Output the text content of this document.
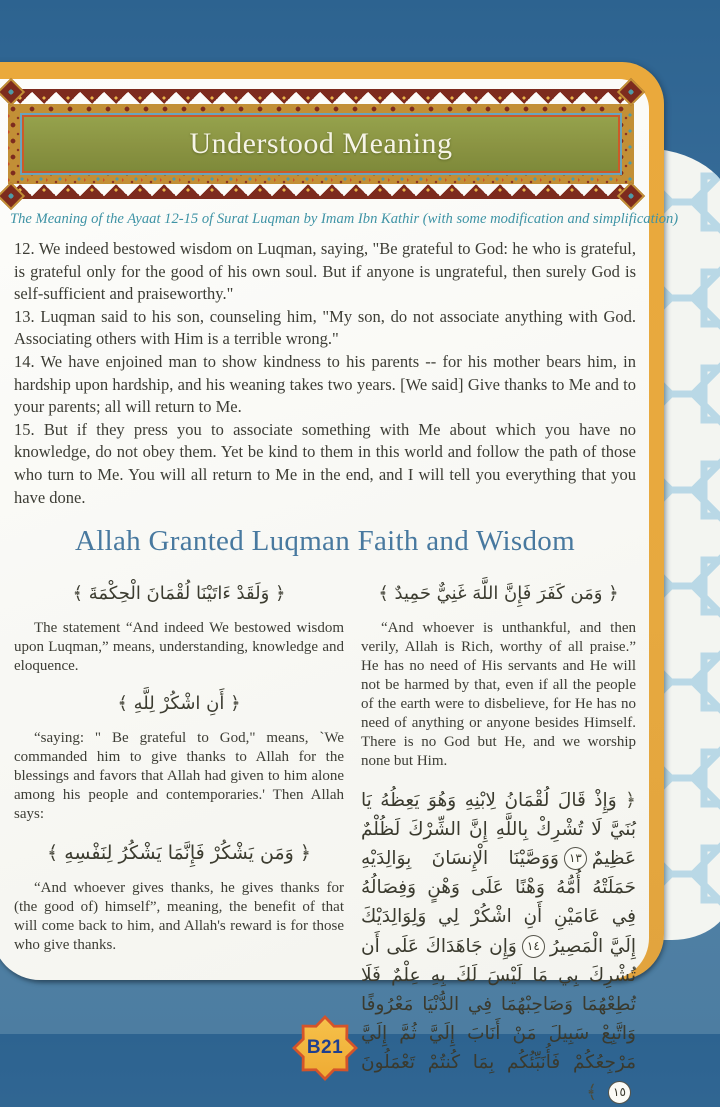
Understood Meaning
The Meaning of the Ayaat 12-15 of Surat Luqman by Imam Ibn Kathir (with some modification and simplification)

12. We indeed bestowed wisdom on Luqman, saying, "Be grateful to God: he who is grateful, is grateful only for the good of his own soul. But if anyone is ungrateful, then surely God is self-sufficient and praiseworthy."

13. Luqman said to his son, counseling him, "My son, do not associate anything with God. Associating others with Him is a terrible wrong."

14. We have enjoined man to show kindness to his parents -- for his mother bears him, in hardship upon hardship, and his weaning takes two years. [We said] Give thanks to Me and to your parents; all will return to Me.

15. But if they press you to associate something with Me about which you have no knowledge, do not obey them. Yet be kind to them in this world and follow the path of those who turn to Me. You will all return to Me in the end, and I will tell you everything that you have done.

Allah Granted Luqman Faith and Wisdom
﴿ وَلَقَدْ ءَاتَيْنَا لُقْمَانَ الْحِكْمَةَ ﴾

The statement “And indeed We bestowed wisdom upon Luqman,” means, understanding, knowledge and eloquence.

﴿ أَنِ اشْكُرْ لِلَّهِ ﴾

“saying: " Be grateful to God," means, `We commanded him to give thanks to Allah for the blessings and favors that Allah had given to him alone among his people and contemporaries.' Then Allah says:

﴿ وَمَن يَشْكُرْ فَإِنَّمَا يَشْكُرُ لِنَفْسِهِ ﴾

“And whoever gives thanks, he gives thanks for (the good of) himself”, meaning, the benefit of that will come back to him, and Allah's reward is for those who give thanks.

﴿ وَمَن كَفَرَ فَإِنَّ اللَّهَ غَنِيٌّ حَمِيدٌ ﴾

“And whoever is unthankful, and then verily, Allah is Rich, worthy of all praise.” He has no need of His servants and He will not be harmed by that, even if all the people of the earth were to disbelieve, for He has no need of anything or anyone besides Himself. There is no God but He, and we worship none but Him.

﴿ وَإِذْ قَالَ لُقْمَانُ لِابْنِهِ وَهُوَ يَعِظُهُ يَا بُنَيَّ لَا تُشْرِكْ بِاللَّهِ إِنَّ الشِّرْكَ لَظُلْمٌ عَظِيمٌ١٣وَوَصَّيْنَا الْإِنسَانَ بِوَالِدَيْهِ حَمَلَتْهُ أُمُّهُ وَهْنًا عَلَى وَهْنٍ وَفِصَالُهُ فِي عَامَيْنِ أَنِ اشْكُرْ لِي وَلِوَالِدَيْكَ إِلَيَّ الْمَصِيرُ١٤وَإِن جَاهَدَاكَ عَلَى أَن تُشْرِكَ بِي مَا لَيْسَ لَكَ بِهِ عِلْمٌ فَلَا تُطِعْهُمَا وَصَاحِبْهُمَا فِي الدُّنْيَا مَعْرُوفًا وَاتَّبِعْ سَبِيلَ مَنْ أَنَابَ إِلَيَّ ثُمَّ إِلَيَّ مَرْجِعُكُمْ فَأُنَبِّئُكُم بِمَا كُنتُمْ تَعْمَلُونَ١٥ ﴾
B21
